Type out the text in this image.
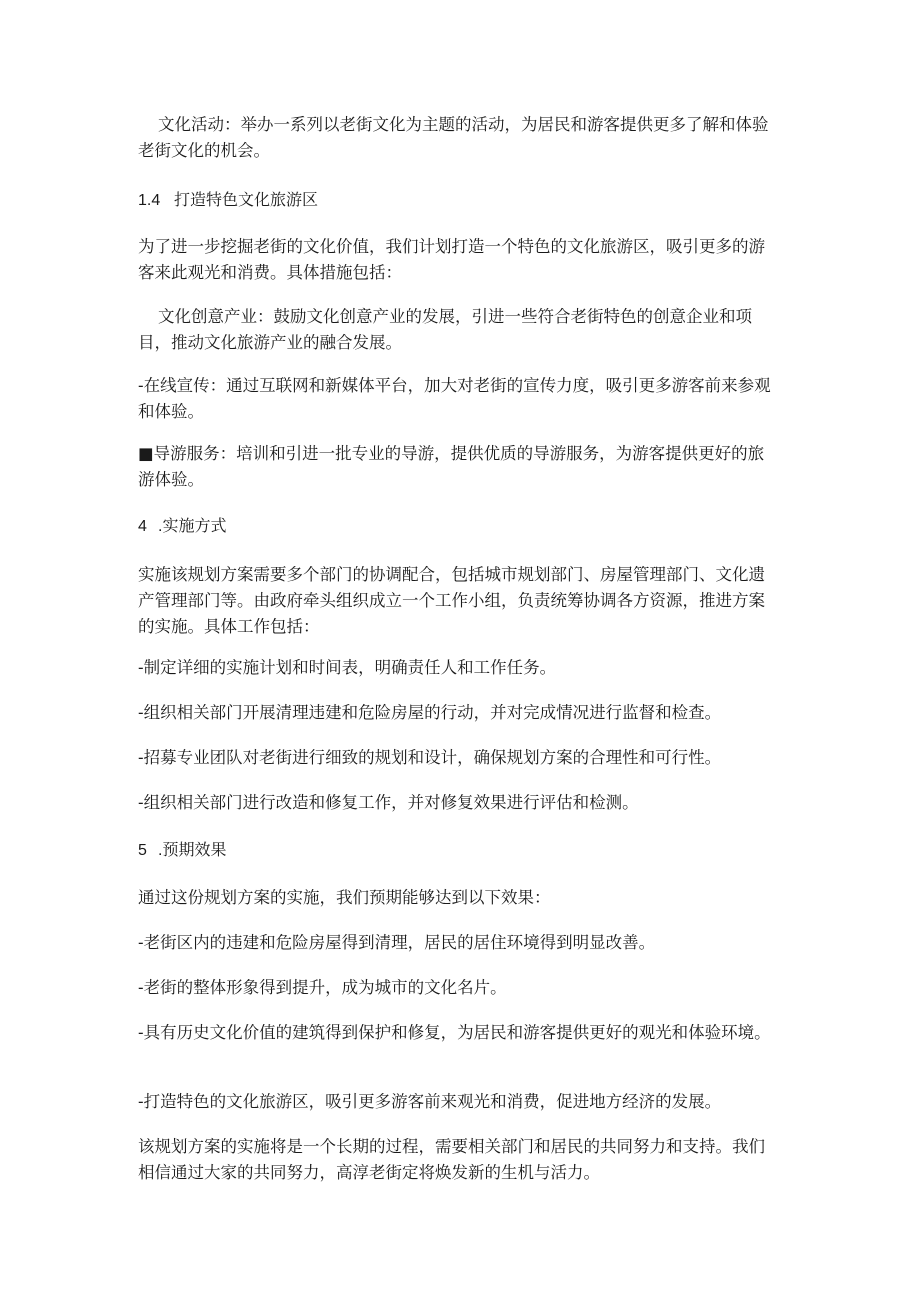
文化活动：举办一系列以老街文化为主题的活动，为居民和游客提供更多了解和体验老街文化的机会。

1.4 打造特色文化旅游区

为了进一步挖掘老街的文化价值，我们计划打造一个特色的文化旅游区，吸引更多的游客来此观光和消费。具体措施包括：

文化创意产业：鼓励文化创意产业的发展，引进一些符合老街特色的创意企业和项目，推动文化旅游产业的融合发展。

-在线宣传：通过互联网和新媒体平台，加大对老街的宣传力度，吸引更多游客前来参观和体验。

■导游服务：培训和引进一批专业的导游，提供优质的导游服务，为游客提供更好的旅游体验。

4 .实施方式

实施该规划方案需要多个部门的协调配合，包括城市规划部门、房屋管理部门、文化遗产管理部门等。由政府牵头组织成立一个工作小组，负责统筹协调各方资源，推进方案的实施。具体工作包括：

-制定详细的实施计划和时间表，明确责任人和工作任务。

-组织相关部门开展清理违建和危险房屋的行动，并对完成情况进行监督和检查。

-招募专业团队对老街进行细致的规划和设计，确保规划方案的合理性和可行性。

-组织相关部门进行改造和修复工作，并对修复效果进行评估和检测。

5 .预期效果

通过这份规划方案的实施，我们预期能够达到以下效果：

-老街区内的违建和危险房屋得到清理，居民的居住环境得到明显改善。

-老街的整体形象得到提升，成为城市的文化名片。

-具有历史文化价值的建筑得到保护和修复，为居民和游客提供更好的观光和体验环境。

-打造特色的文化旅游区，吸引更多游客前来观光和消费，促进地方经济的发展。

该规划方案的实施将是一个长期的过程，需要相关部门和居民的共同努力和支持。我们相信通过大家的共同努力，高淳老街定将焕发新的生机与活力。
